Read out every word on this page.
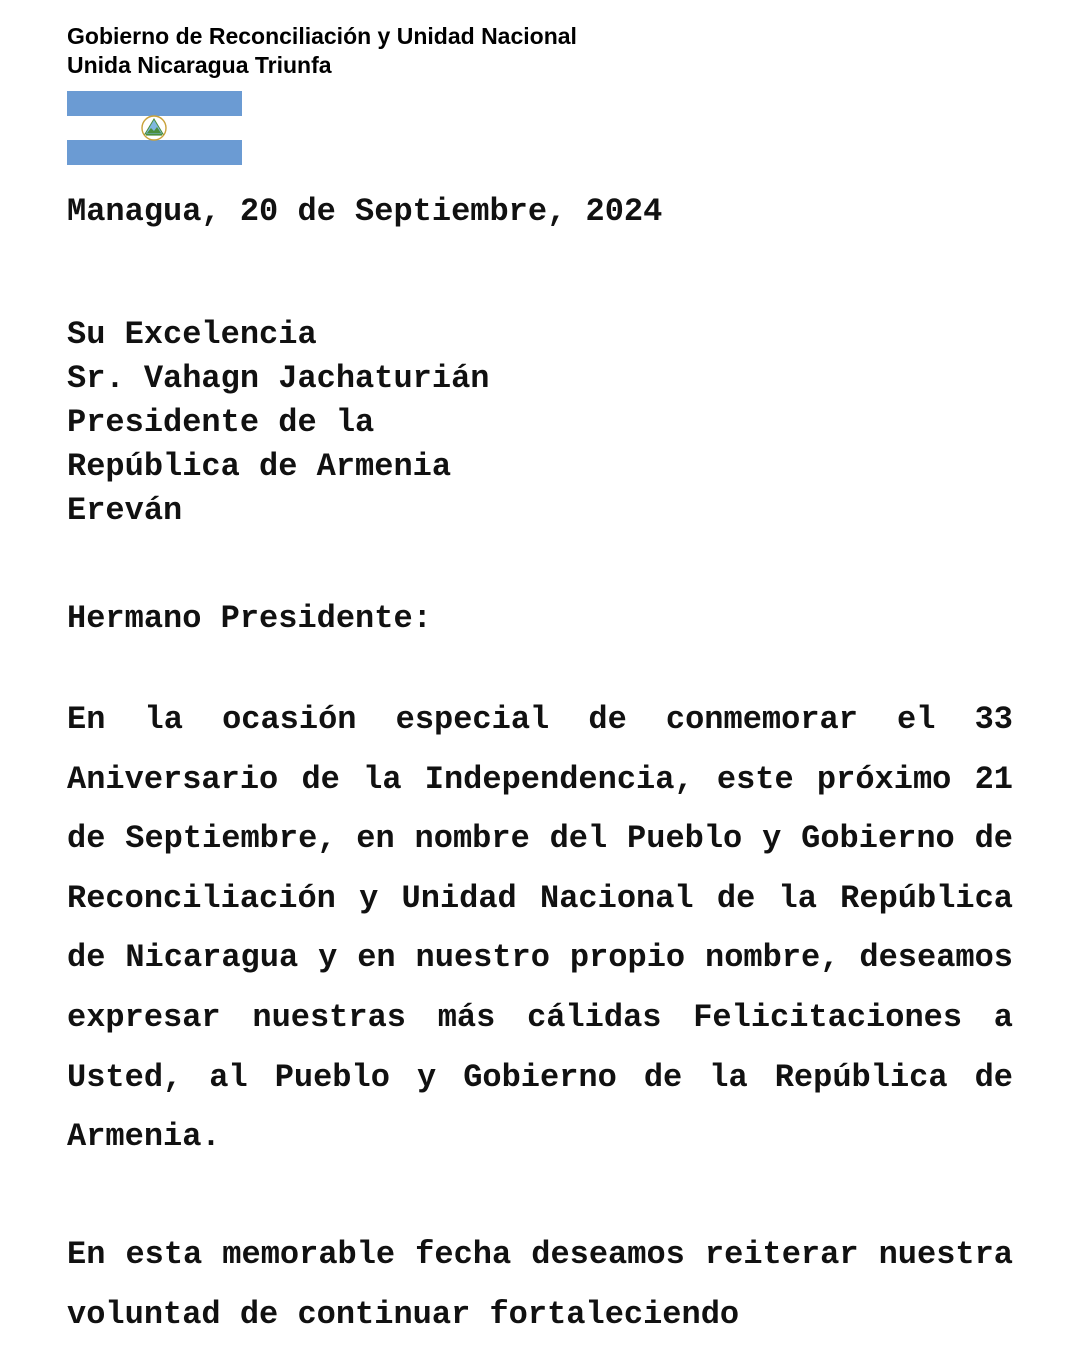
Gobierno de Reconciliación y Unidad Nacional
Unida Nicaragua Triunfa
Managua, 20 de Septiembre, 2024
Su Excelencia
Sr. Vahagn Jachaturián
Presidente de la
República de Armenia
Ereván
Hermano Presidente:
En la ocasión especial de conmemorar el 33 Aniversario de la Independencia, este próximo 21 de Septiembre, en nombre del Pueblo y Gobierno de Reconciliación y Unidad Nacional de la República de Nicaragua y en nuestro propio nombre, deseamos expresar nuestras más cálidas Felicitaciones a Usted, al Pueblo y Gobierno de la República de Armenia.
En esta memorable fecha deseamos reiterar nuestra voluntad de continuar fortaleciendo
